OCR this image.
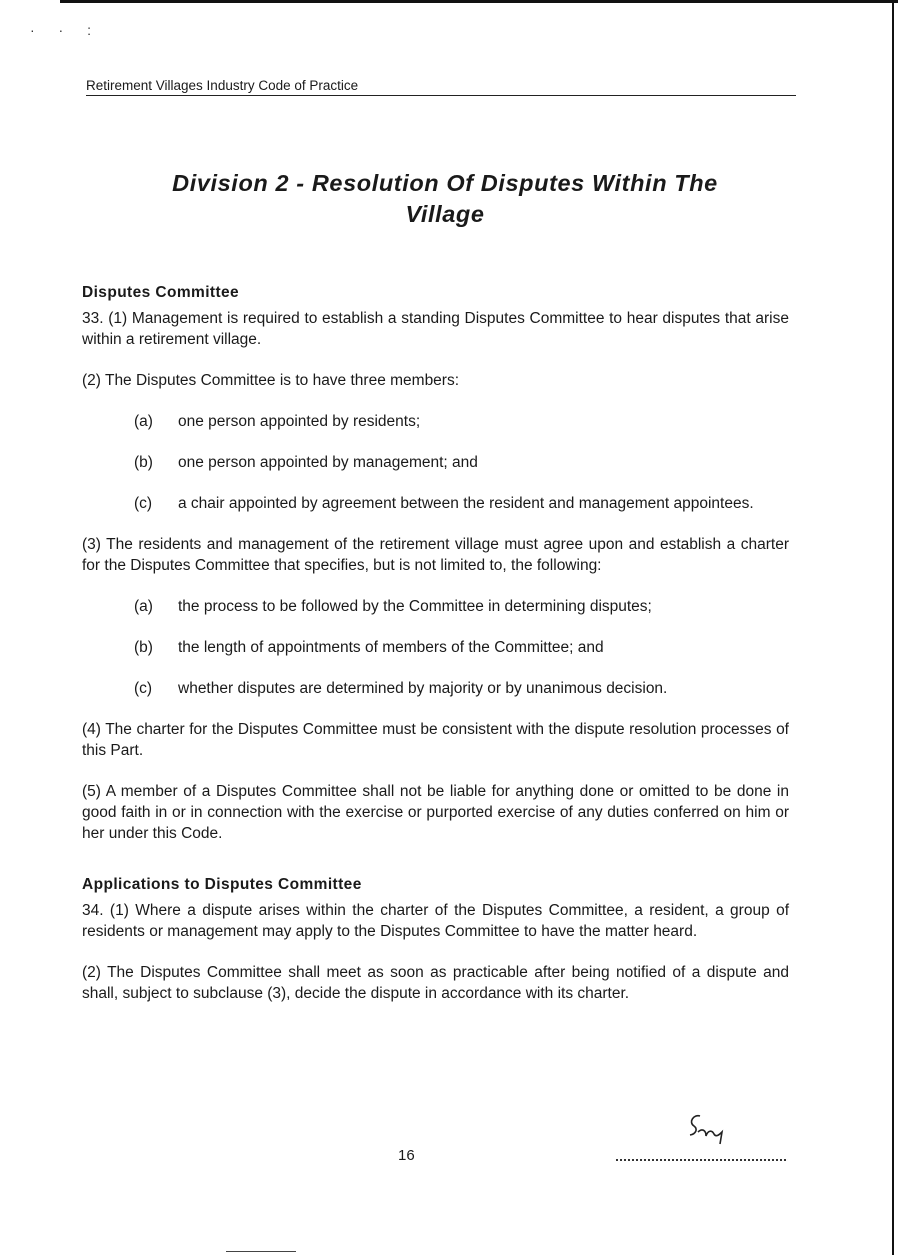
· · :
Retirement Villages Industry Code of Practice
Division 2 - Resolution Of Disputes Within The
Village
Disputes Committee

33. (1) Management is required to establish a standing Disputes Committee to hear disputes that arise within a retirement village.

(2) The Disputes Committee is to have three members:

(a)	one person appointed by residents;
(b)	one person appointed by management; and
(c)	a chair appointed by agreement between the resident and management appointees.

(3) The residents and management of the retirement village must agree upon and establish a charter for the Disputes Committee that specifies, but is not limited to, the following:

(a)	the process to be followed by the Committee in determining disputes;
(b)	the length of appointments of members of the Committee; and
(c)	whether disputes are determined by majority or by unanimous decision.

(4) The charter for the Disputes Committee must be consistent with the dispute resolution processes of this Part.

(5) A member of a Disputes Committee shall not be liable for anything done or omitted to be done in good faith in or in connection with the exercise or purported exercise of any duties conferred on him or her under this Code.

Applications to Disputes Committee

34. (1) Where a dispute arises within the charter of the Disputes Committee, a resident, a group of residents or management may apply to the Disputes Committee to have the matter heard.

(2) The Disputes Committee shall meet as soon as practicable after being notified of a dispute and shall, subject to subclause (3), decide the dispute in accordance with its charter.

16
